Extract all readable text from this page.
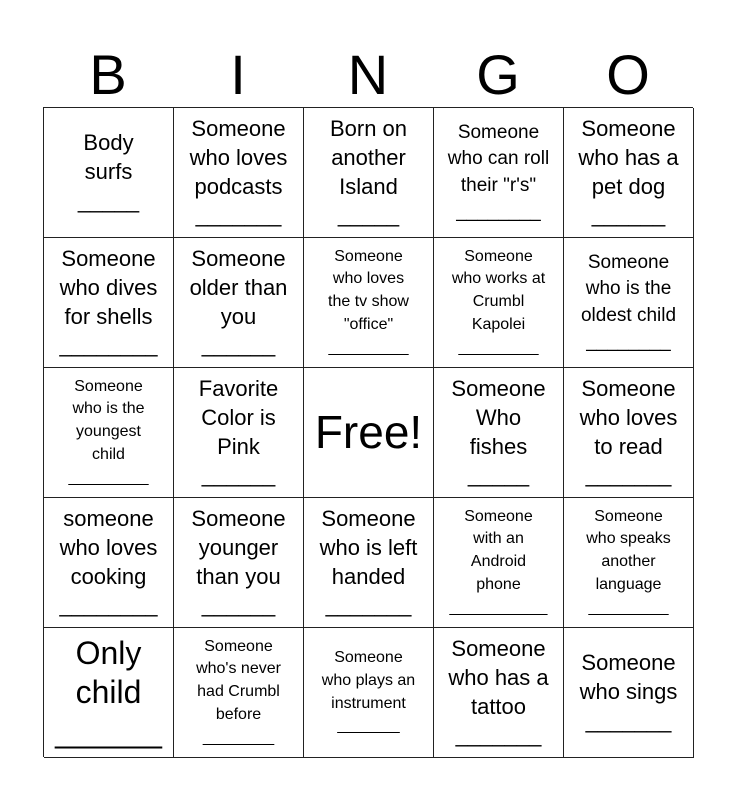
B	I	N	G	O
Body
surfs
_____
Someone
who loves
podcasts
_______
Born on
another
Island
_____
Someone
who can roll
their "r's"
________
Someone
who has a
pet dog
______
Someone
who dives
for shells
________
Someone
older than
you
______
Someone
who loves
the tv show
"office"
_________
Someone
who works at
Crumbl
Kapolei
_________
Someone
who is the
oldest child
________
Someone
who is the
youngest
child
_________
Favorite
Color is
Pink
______
Free!
Someone
Who
fishes
_____
Someone
who loves
to read
_______
someone
who loves
cooking
________
Someone
younger
than you
______
Someone
who is left
handed
_______
Someone
with an
Android
phone
___________
Someone
who speaks
another
language
_________
Only
child
______
Someone
who's never
had Crumbl
before
________
Someone
who plays an
instrument
_______
Someone
who has a
tattoo
_______
Someone
who sings
_______
